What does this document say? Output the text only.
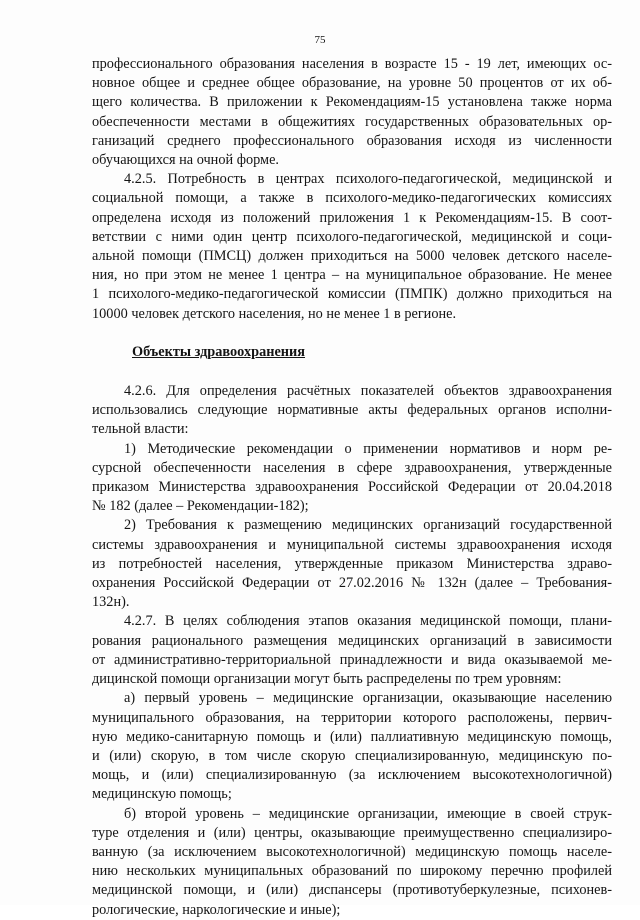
75
профессионального образования населения в возрасте 15 - 19 лет, имеющих ос-
новное общее и среднее общее образование, на уровне 50 процентов от их об-
щего количества. В приложении к Рекомендациям-15 установлена также норма
обеспеченности местами в общежитиях государственных образовательных ор-
ганизаций среднего профессионального образования исходя из численности
обучающихся на очной форме.
4.2.5. Потребность в центрах психолого-педагогической, медицинской и
социальной помощи, а также в психолого-медико-педагогических комиссиях
определена исходя из положений приложения 1 к Рекомендациям-15. В соот-
ветствии с ними один центр психолого-педагогической, медицинской и соци-
альной помощи (ПМСЦ) должен приходиться на 5000 человек детского населе-
ния, но при этом не менее 1 центра – на муниципальное образование. Не менее
1 психолого-медико-педагогической комиссии (ПМПК) должно приходиться на
10000 человек детского населения, но не менее 1 в регионе.
Объекты здравоохранения
4.2.6. Для определения расчётных показателей объектов здравоохранения
использовались следующие нормативные акты федеральных органов исполни-
тельной власти:
1) Методические рекомендации о применении нормативов и норм ре-
сурсной обеспеченности населения в сфере здравоохранения, утвержденные
приказом Министерства здравоохранения Российской Федерации от 20.04.2018
№ 182 (далее – Рекомендации-182);
2) Требования к размещению медицинских организаций государственной
системы здравоохранения и муниципальной системы здравоохранения исходя
из потребностей населения, утвержденные приказом Министерства здраво-
охранения Российской Федерации от 27.02.2016 № 132н (далее – Требования-
132н).
4.2.7. В целях соблюдения этапов оказания медицинской помощи, плани-
рования рационального размещения медицинских организаций в зависимости
от административно-территориальной принадлежности и вида оказываемой ме-
дицинской помощи организации могут быть распределены по трем уровням:
а) первый уровень – медицинские организации, оказывающие населению
муниципального образования, на территории которого расположены, первич-
ную медико-санитарную помощь и (или) паллиативную медицинскую помощь,
и (или) скорую, в том числе скорую специализированную, медицинскую по-
мощь, и (или) специализированную (за исключением высокотехнологичной)
медицинскую помощь;
б) второй уровень – медицинские организации, имеющие в своей струк-
туре отделения и (или) центры, оказывающие преимущественно специализиро-
ванную (за исключением высокотехнологичной) медицинскую помощь населе-
нию нескольких муниципальных образований по широкому перечню профилей
медицинской помощи, и (или) диспансеры (противотуберкулезные, психонев-
рологические, наркологические и иные);
